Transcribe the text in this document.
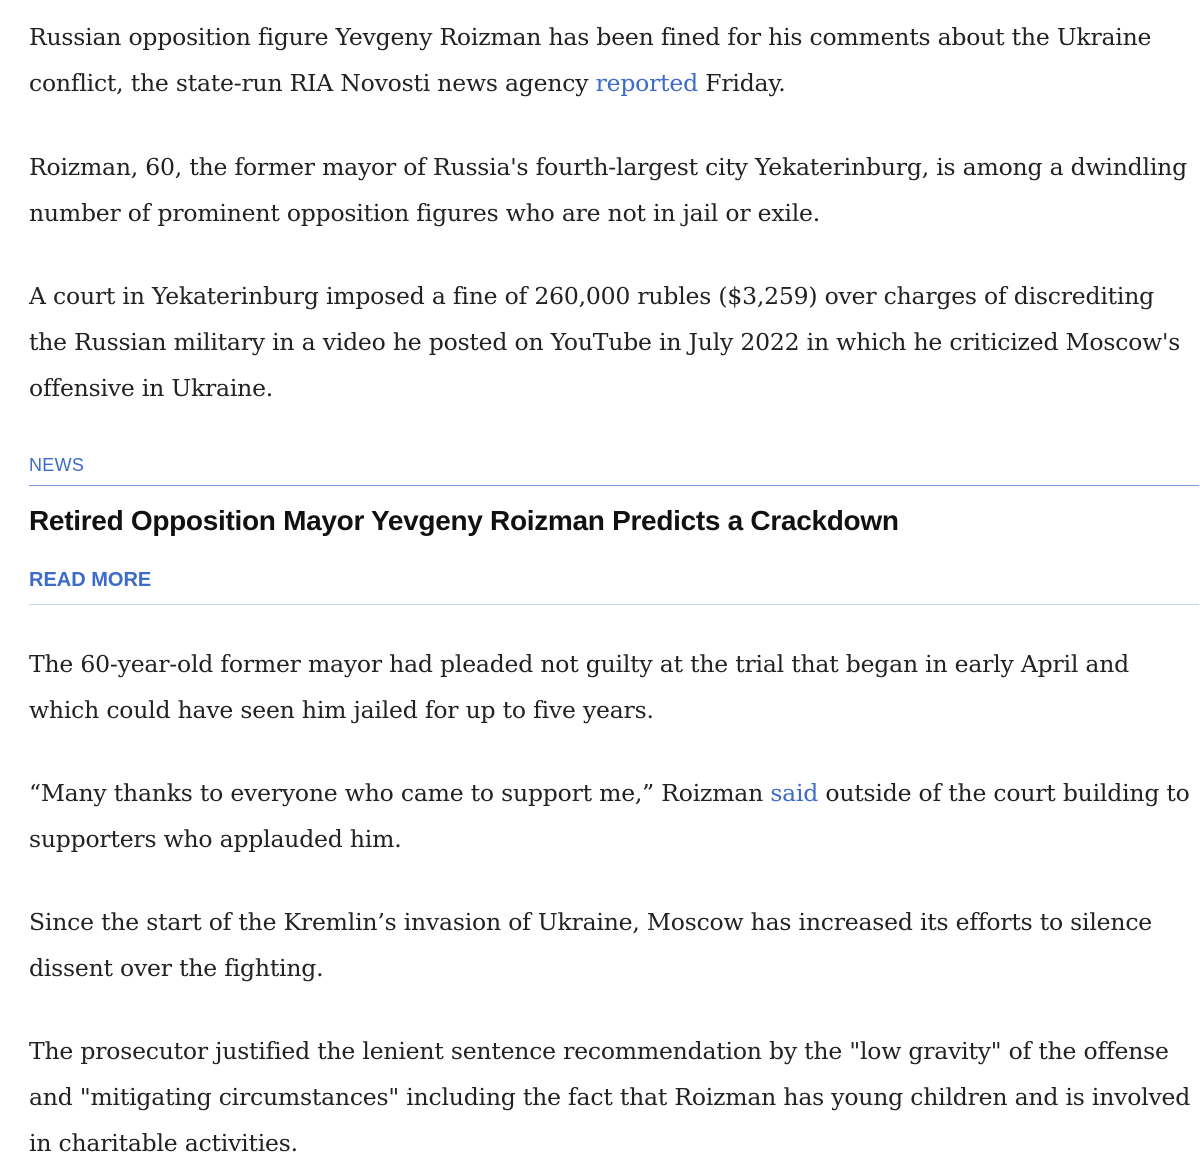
Russian opposition figure Yevgeny Roizman has been fined for his comments about the Ukraine conflict, the state-run RIA Novosti news agency reported Friday.

Roizman, 60, the former mayor of Russia's fourth-largest city Yekaterinburg, is among a dwindling number of prominent opposition figures who are not in jail or exile.

A court in Yekaterinburg imposed a fine of 260,000 rubles ($3,259) over charges of discrediting the Russian military in a video he posted on YouTube in July 2022 in which he criticized Moscow's offensive in Ukraine.

NEWS

Retired Opposition Mayor Yevgeny Roizman Predicts a Crackdown
READ MORE

The 60-year-old former mayor had pleaded not guilty at the trial that began in early April and which could have seen him jailed for up to five years.

“Many thanks to everyone who came to support me,” Roizman said outside of the court building to supporters who applauded him.

Since the start of the Kremlin’s invasion of Ukraine, Moscow has increased its efforts to silence dissent over the fighting.

The prosecutor justified the lenient sentence recommendation by the "low gravity" of the offense and "mitigating circumstances" including the fact that Roizman has young children and is involved in charitable activities.
